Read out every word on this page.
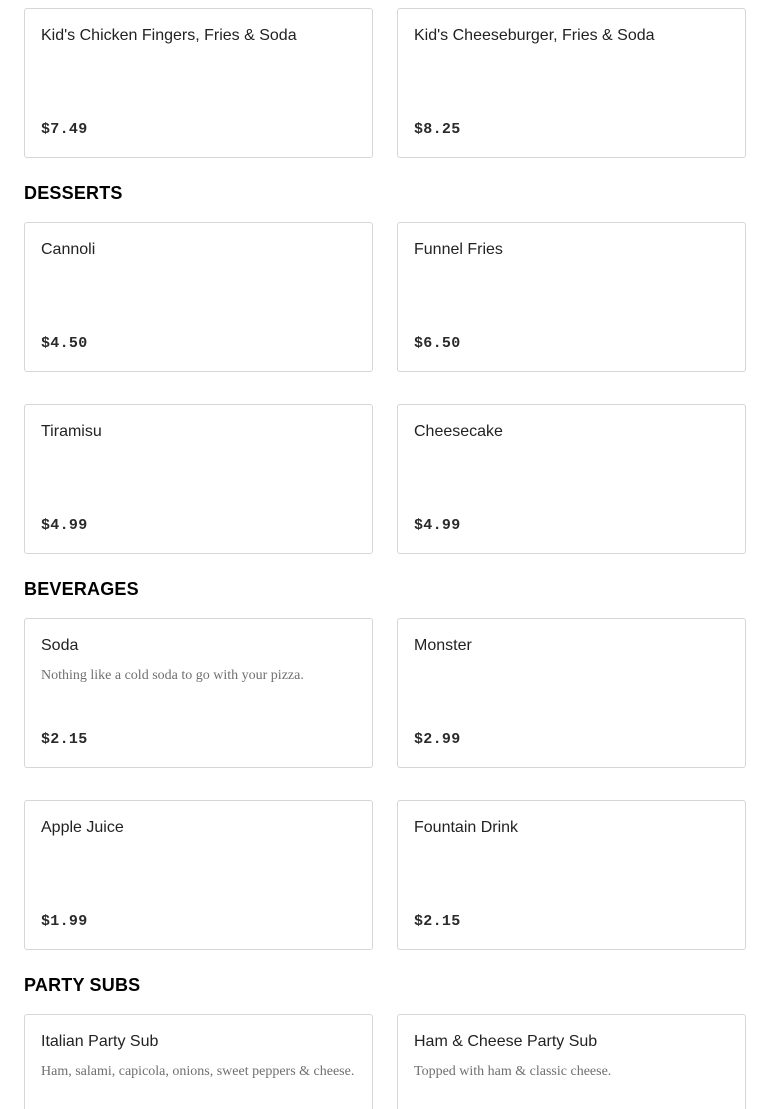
Kid's Chicken Fingers, Fries & Soda
$7.49
Kid's Cheeseburger, Fries & Soda
$8.25
DESSERTS
Cannoli
$4.50
Funnel Fries
$6.50
Tiramisu
$4.99
Cheesecake
$4.99
BEVERAGES
Soda
Nothing like a cold soda to go with your pizza.
$2.15
Monster
$2.99
Apple Juice
$1.99
Fountain Drink
$2.15
PARTY SUBS
Italian Party Sub
Ham, salami, capicola, onions, sweet peppers & cheese.
Ham & Cheese Party Sub
Topped with ham & classic cheese.
